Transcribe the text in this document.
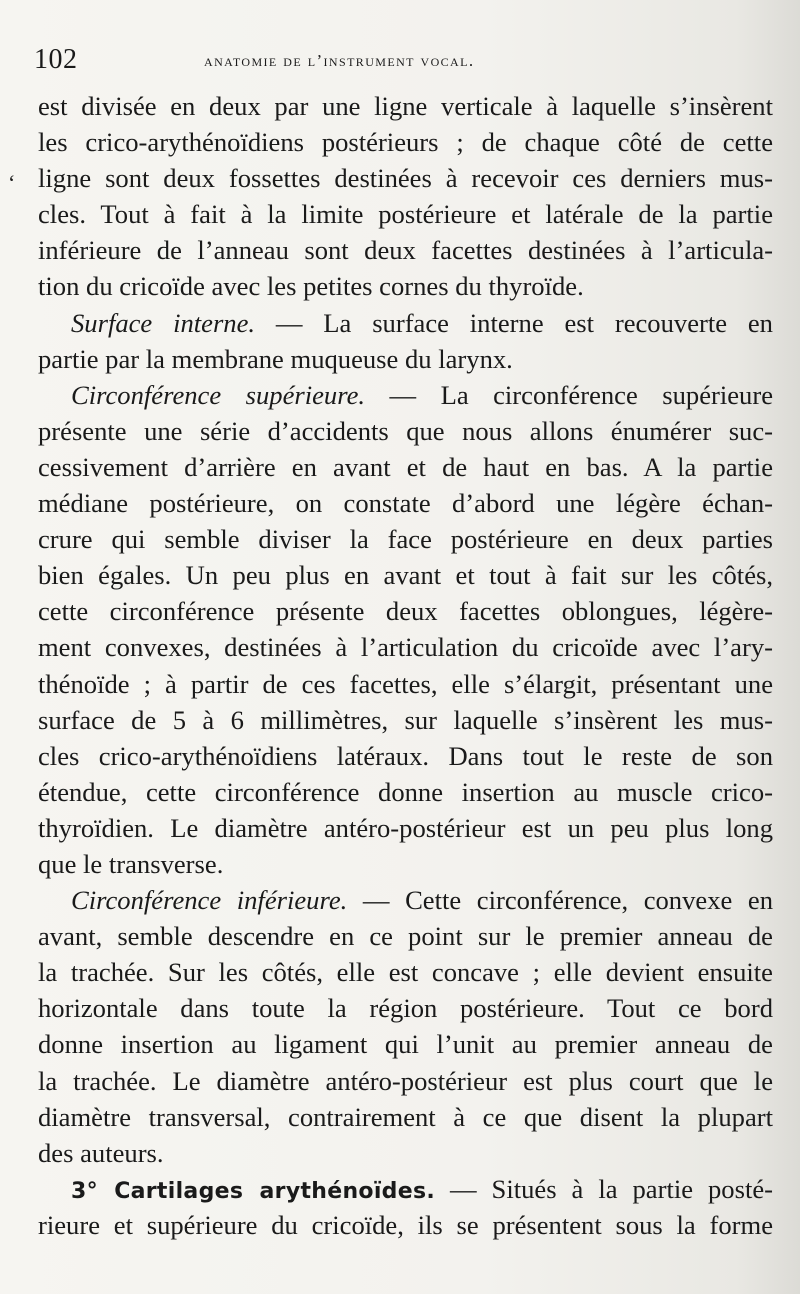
102	anatomie de l’instrument vocal.
‘
est divisée en deux par une ligne verticale à laquelle s’insèrent
les crico-arythénoïdiens postérieurs ; de chaque côté de cette
ligne sont deux fossettes destinées à recevoir ces derniers mus-
cles. Tout à fait à la limite postérieure et latérale de la partie
inférieure de l’anneau sont deux facettes destinées à l’articula-
tion du cricoïde avec les petites cornes du thyroïde.
Surface interne. — La surface interne est recouverte en
partie par la membrane muqueuse du larynx.
Circonférence supérieure. — La circonférence supérieure
présente une série d’accidents que nous allons énumérer suc-
cessivement d’arrière en avant et de haut en bas. A la partie
médiane postérieure, on constate d’abord une légère échan-
crure qui semble diviser la face postérieure en deux parties
bien égales. Un peu plus en avant et tout à fait sur les côtés,
cette circonférence présente deux facettes oblongues, légère-
ment convexes, destinées à l’articulation du cricoïde avec l’ary-
thénoïde ; à partir de ces facettes, elle s’élargit, présentant une
surface de 5 à 6 millimètres, sur laquelle s’insèrent les mus-
cles crico-arythénoïdiens latéraux. Dans tout le reste de son
étendue, cette circonférence donne insertion au muscle crico-
thyroïdien. Le diamètre antéro-postérieur est un peu plus long
que le transverse.
Circonférence inférieure. — Cette circonférence, convexe en
avant, semble descendre en ce point sur le premier anneau de
la trachée. Sur les côtés, elle est concave ; elle devient ensuite
horizontale dans toute la région postérieure. Tout ce bord
donne insertion au ligament qui l’unit au premier anneau de
la trachée. Le diamètre antéro-postérieur est plus court que le
diamètre transversal, contrairement à ce que disent la plupart
des auteurs.
3° Cartilages arythénoïdes. — Situés à la partie posté-
rieure et supérieure du cricoïde, ils se présentent sous la forme
